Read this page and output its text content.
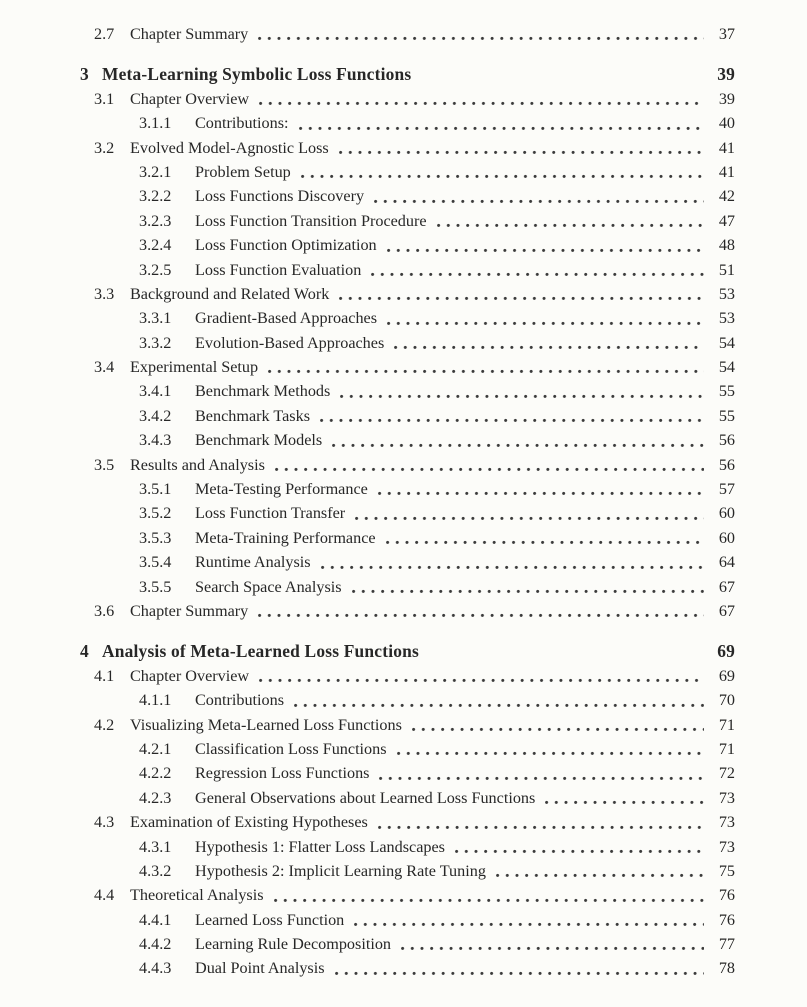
2.7 Chapter Summary	37
3 Meta-Learning Symbolic Loss Functions	39
3.1 Chapter Overview	39
3.1.1	Contributions:	40
3.2 Evolved Model-Agnostic Loss	41
3.2.1	Problem Setup	41
3.2.2	Loss Functions Discovery	42
3.2.3	Loss Function Transition Procedure	47
3.2.4	Loss Function Optimization	48
3.2.5	Loss Function Evaluation	51
3.3 Background and Related Work	53
3.3.1	Gradient-Based Approaches	53
3.3.2	Evolution-Based Approaches	54
3.4 Experimental Setup	54
3.4.1	Benchmark Methods	55
3.4.2	Benchmark Tasks	55
3.4.3	Benchmark Models	56
3.5 Results and Analysis	56
3.5.1	Meta-Testing Performance	57
3.5.2	Loss Function Transfer	60
3.5.3	Meta-Training Performance	60
3.5.4	Runtime Analysis	64
3.5.5	Search Space Analysis	67
3.6 Chapter Summary	67
4 Analysis of Meta-Learned Loss Functions	69
4.1 Chapter Overview	69
4.1.1	Contributions	70
4.2 Visualizing Meta-Learned Loss Functions	71
4.2.1	Classification Loss Functions	71
4.2.2	Regression Loss Functions	72
4.2.3	General Observations about Learned Loss Functions	73
4.3 Examination of Existing Hypotheses	73
4.3.1	Hypothesis 1: Flatter Loss Landscapes	73
4.3.2	Hypothesis 2: Implicit Learning Rate Tuning	75
4.4 Theoretical Analysis	76
4.4.1	Learned Loss Function	76
4.4.2	Learning Rule Decomposition	77
4.4.3	Dual Point Analysis	78
